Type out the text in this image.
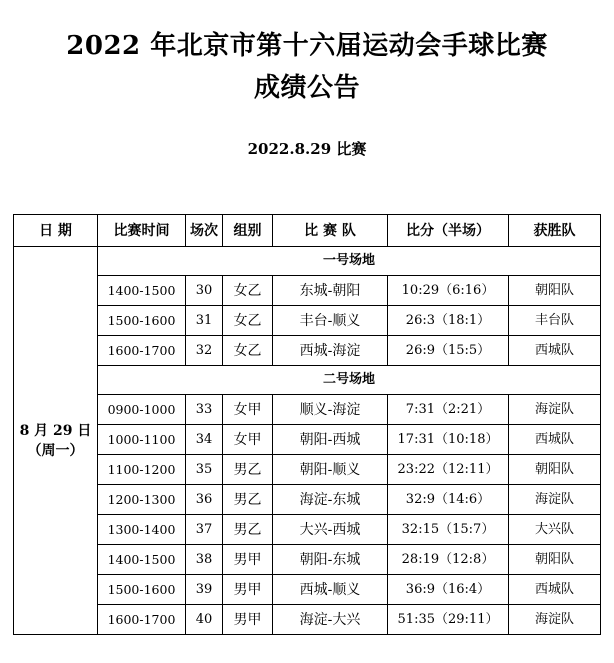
2022 年北京市第十六届运动会手球比赛
成绩公告
2022.8.29 比赛
日 期	比赛时间	场次	组别	比 赛 队	比分（半场）	获胜队

8 月 29 日
（周一）	一号场地					
	1400-1500	30	女乙	东城-朝阳	10:29（6:16）	朝阳队
	1500-1600	31	女乙	丰台-顺义	26:3（18:1）	丰台队
	1600-1700	32	女乙	西城-海淀	26:9（15:5）	西城队
	二号场地					
	0900-1000	33	女甲	顺义-海淀	7:31（2:21）	海淀队
	1000-1100	34	女甲	朝阳-西城	17:31（10:18）	西城队
	1100-1200	35	男乙	朝阳-顺义	23:22（12:11）	朝阳队
	1200-1300	36	男乙	海淀-东城	32:9（14:6）	海淀队
	1300-1400	37	男乙	大兴-西城	32:15（15:7）	大兴队
	1400-1500	38	男甲	朝阳-东城	28:19（12:8）	朝阳队
	1500-1600	39	男甲	西城-顺义	36:9（16:4）	西城队
	1600-1700	40	男甲	海淀-大兴	51:35（29:11）	海淀队
